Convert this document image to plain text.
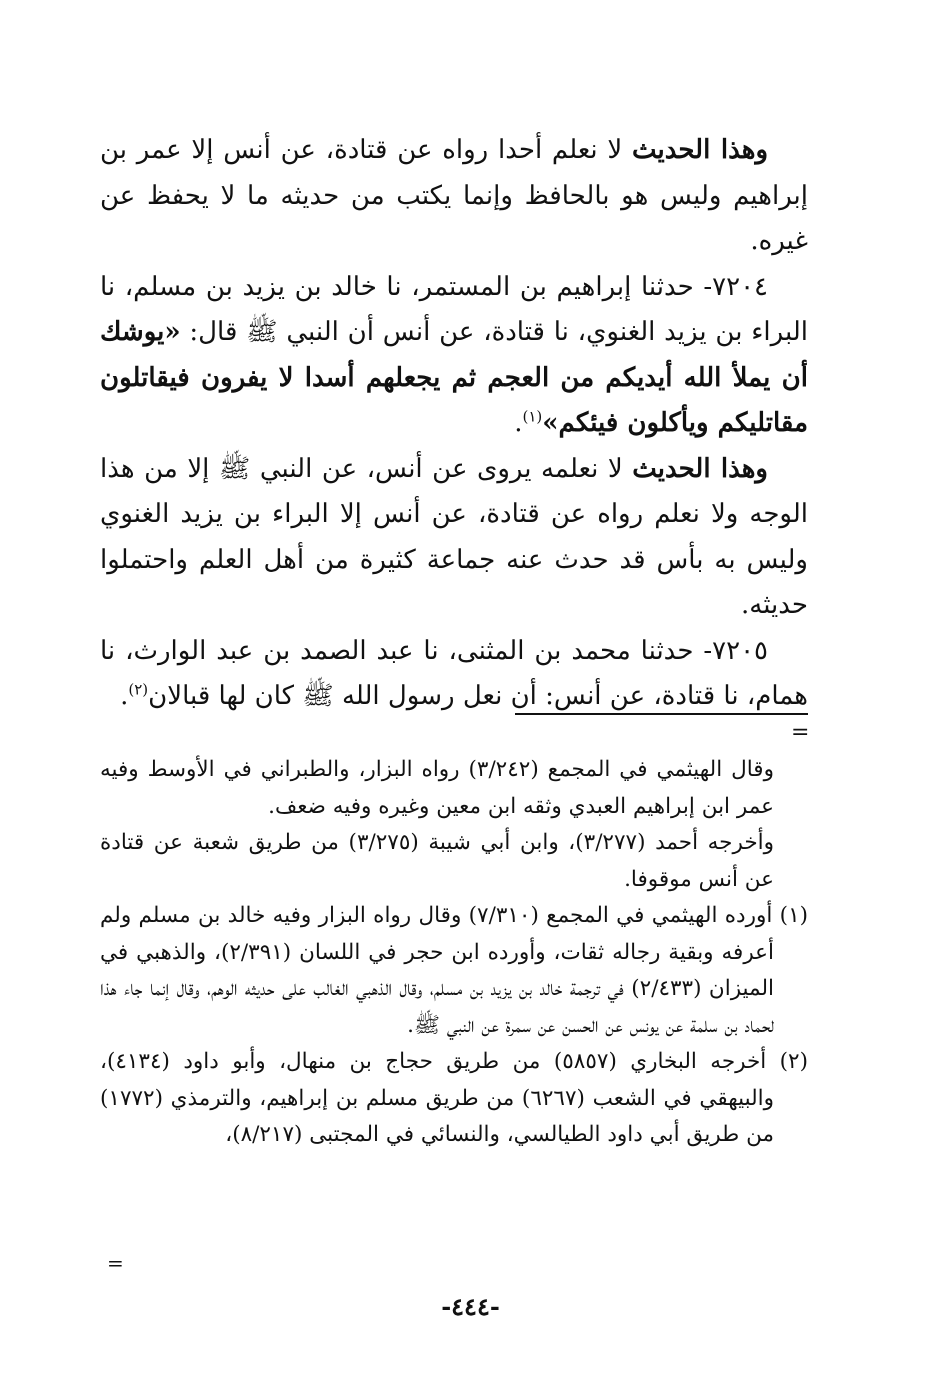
وهذا الحديث لا نعلم أحدا رواه عن قتادة، عن أنس إلا عمر بن إبراهيم وليس هو بالحافظ وإنما يكتب من حديثه ما لا يحفظ عن غيره.

٧٢٠٤- حدثنا إبراهيم بن المستمر، نا خالد بن يزيد بن مسلم، نا البراء بن يزيد الغنوي، نا قتادة، عن أنس أن النبي ﷺ قال: «يوشك أن يملأ الله أيديكم من العجم ثم يجعلهم أسدا لا يفرون فيقاتلون مقاتليكم ويأكلون فيئكم»$^{(١)}$.

وهذا الحديث لا نعلمه يروى عن أنس، عن النبي ﷺ إلا من هذا الوجه ولا نعلم رواه عن قتادة، عن أنس إلا البراء بن يزيد الغنوي وليس به بأس قد حدث عنه جماعة كثيرة من أهل العلم واحتملوا حديثه.

٧٢٠٥- حدثنا محمد بن المثنى، نا عبد الصمد بن عبد الوارث، نا همام، نا قتادة، عن أنس: أن نعل رسول الله ﷺ كان لها قبالان$^{(٢)}$.

=

وقال الهيثمي في المجمع (٣/٢٤٢) رواه البزار، والطبراني في الأوسط وفيه عمر ابن إبراهيم العبدي وثقه ابن معين وغيره وفيه ضعف.

وأخرجه أحمد (٣/٢٧٧)، وابن أبي شيبة (٣/٢٧٥) من طريق شعبة عن قتادة عن أنس موقوفا.

(١) أورده الهيثمي في المجمع (٧/٣١٠) وقال رواه البزار وفيه خالد بن مسلم ولم أعرفه وبقية رجاله ثقات، وأورده ابن حجر في اللسان (٢/٣٩١)، والذهبي في الميزان (٢/٤٣٣) في ترجمة خالد بن يزيد بن مسلم، وقال الذهبي الغالب على حديثه الوهم، وقال إنما جاء هذا لحماد بن سلمة عن يونس عن الحسن عن سمرة عن النبي ﷺ.

(٢) أخرجه البخاري (٥٨٥٧) من طريق حجاج بن منهال، وأبو داود (٤١٣٤)، والبيهقي في الشعب (٦٢٦٧) من طريق مسلم بن إبراهيم، والترمذي (١٧٧٢) من طريق أبي داود الطيالسي، والنسائي في المجتبى (٨/٢١٧)،

=
-٤٤٤-
